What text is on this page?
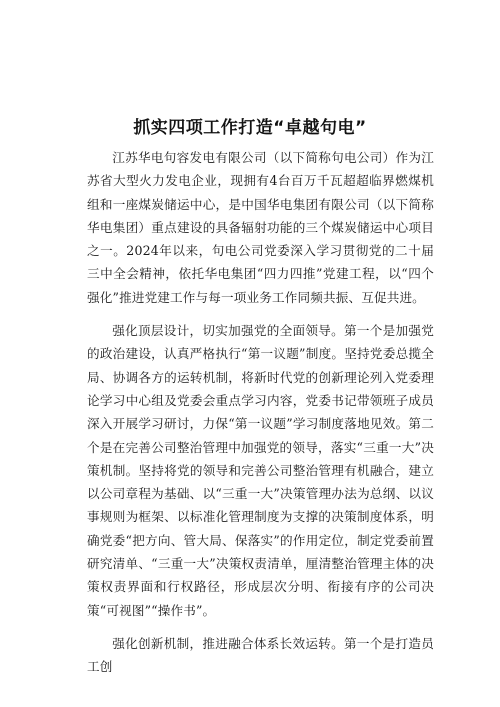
抓实四项工作打造“卓越句电”

江苏华电句容发电有限公司（以下简称句电公司）作为江苏省大型火力发电企业，现拥有4台百万千瓦超超临界燃煤机组和一座煤炭储运中心，是中国华电集团有限公司（以下简称华电集团）重点建设的具备辐射功能的三个煤炭储运中心项目之一。2024年以来，句电公司党委深入学习贯彻党的二十届三中全会精神，依托华电集团“四力四推”党建工程，以“四个强化”推进党建工作与每一项业务工作同频共振、互促共进。

强化顶层设计，切实加强党的全面领导。第一个是加强党的政治建设，认真严格执行“第一议题”制度。坚持党委总揽全局、协调各方的运转机制，将新时代党的创新理论列入党委理论学习中心组及党委会重点学习内容，党委书记带领班子成员深入开展学习研讨，力保“第一议题”学习制度落地见效。第二个是在完善公司整治管理中加强党的领导，落实“三重一大”决策机制。坚持将党的领导和完善公司整治管理有机融合，建立以公司章程为基础、以“三重一大”决策管理办法为总纲、以议事规则为框架、以标准化管理制度为支撑的决策制度体系，明确党委“把方向、管大局、保落实”的作用定位，制定党委前置研究清单、“三重一大”决策权责清单，厘清整治管理主体的决策权责界面和行权路径，形成层次分明、衔接有序的公司决策“可视图”“操作书”。

强化创新机制，推进融合体系长效运转。第一个是打造员工创
